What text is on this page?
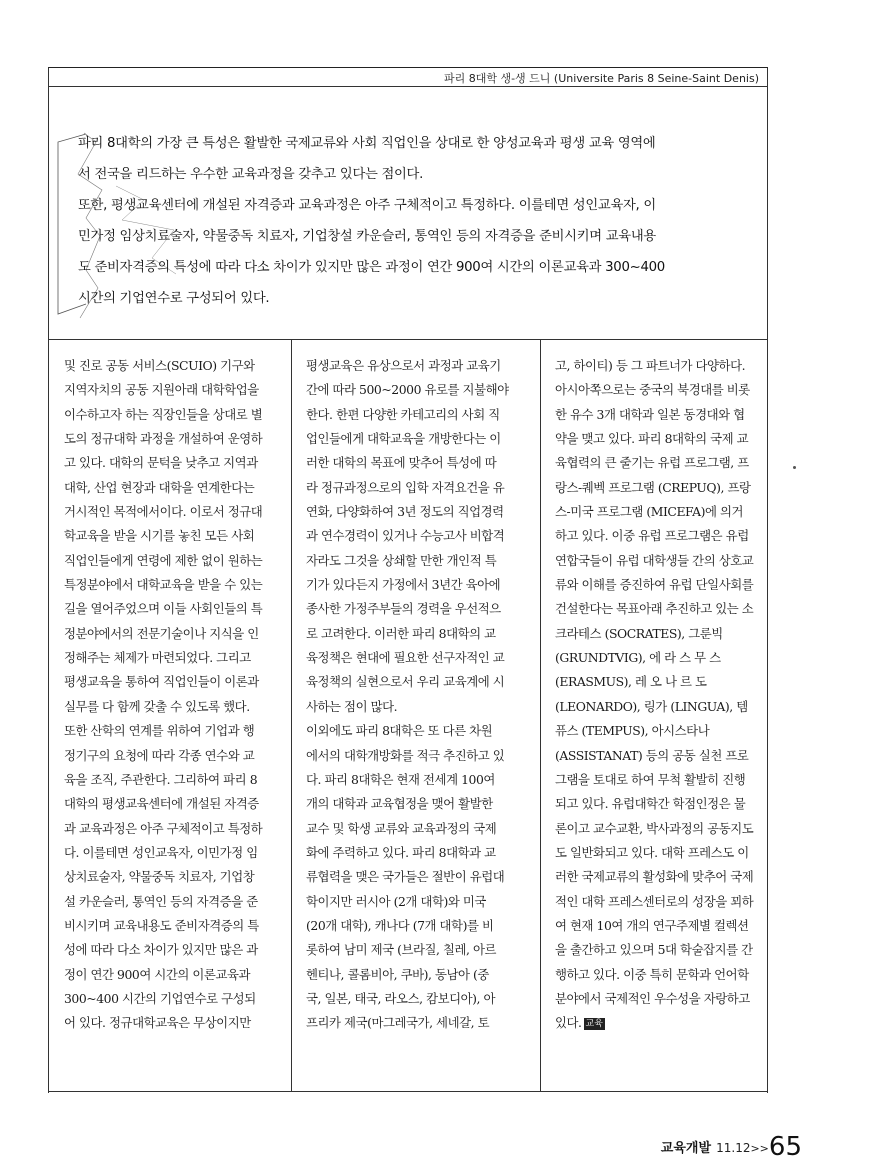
파리 8대학 생-생 드니 (Universite Paris 8 Seine-Saint Denis)
파리 8대학의 가장 큰 특성은 활발한 국제교류와 사회 직업인을 상대로 한 양성교육과 평생 교육 영역에
서 전국을 리드하는 우수한 교육과정을 갖추고 있다는 점이다.
또한, 평생교육센터에 개설된 자격증과 교육과정은 아주 구체적이고 특정하다. 이를테면 성인교육자, 이
민가정 임상치료술자, 약물중독 치료자, 기업창설 카운슬러, 통역인 등의 자격증을 준비시키며 교육내용
도 준비자격증의 특성에 따라 다소 차이가 있지만 많은 과정이 연간 900여 시간의 이론교육과 300~400
시간의 기업연수로 구성되어 있다.
및 진로 공동 서비스(SCUIO) 기구와
지역자치의 공동 지원아래 대학학업을
이수하고자 하는 직장인들을 상대로 별
도의 정규대학 과정을 개설하여 운영하
고 있다. 대학의 문턱을 낮추고 지역과
대학, 산업 현장과 대학을 연계한다는
거시적인 목적에서이다. 이로서 정규대
학교육을 받을 시기를 놓친 모든 사회
직업인들에게 연령에 제한 없이 원하는
특정분야에서 대학교육을 받을 수 있는
길을 열어주었으며 이들 사회인들의 특
정분야에서의 전문기술이나 지식을 인
정해주는 체제가 마련되었다. 그리고
평생교육을 통하여 직업인들이 이론과
실무를 다 함께 갖출 수 있도록 했다.
또한 산학의 연계를 위하여 기업과 행
정기구의 요청에 따라 각종 연수와 교
육을 조직, 주관한다. 그리하여 파리 8
대학의 평생교육센터에 개설된 자격증
과 교육과정은 아주 구체적이고 특정하
다. 이를테면 성인교육자, 이민가정 임
상치료술자, 약물중독 치료자, 기업창
설 카운슬러, 통역인 등의 자격증을 준
비시키며 교육내용도 준비자격증의 특
성에 따라 다소 차이가 있지만 많은 과
정이 연간 900여 시간의 이론교육과
300~400 시간의 기업연수로 구성되
어 있다. 정규대학교육은 무상이지만
평생교육은 유상으로서 과정과 교육기
간에 따라 500~2000 유로를 지불해야
한다. 한편 다양한 카테고리의 사회 직
업인들에게 대학교육을 개방한다는 이
러한 대학의 목표에 맞추어 특성에 따
라 정규과정으로의 입학 자격요건을 유
연화, 다양화하여 3년 정도의 직업경력
과 연수경력이 있거나 수능고사 비합격
자라도 그것을 상쇄할 만한 개인적 특
기가 있다든지 가정에서 3년간 육아에
종사한 가정주부들의 경력을 우선적으
로 고려한다. 이러한 파리 8대학의 교
육정책은 현대에 필요한 선구자적인 교
육정책의 실현으로서 우리 교육계에 시
사하는 점이 많다.
이외에도 파리 8대학은 또 다른 차원
에서의 대학개방화를 적극 추진하고 있
다. 파리 8대학은 현재 전세계 100여
개의 대학과 교육협정을 맺어 활발한
교수 및 학생 교류와 교육과정의 국제
화에 주력하고 있다. 파리 8대학과 교
류협력을 맺은 국가들은 절반이 유럽대
학이지만 러시아 (2개 대학)와 미국
(20개 대학), 캐나다 (7개 대학)를 비
롯하여 남미 제국 (브라질, 칠레, 아르
헨티나, 콜롬비아, 쿠바), 동남아 (중
국, 일본, 태국, 라오스, 캄보디아), 아
프리카 제국(마그레국가, 세네갈, 토
고, 하이티) 등 그 파트너가 다양하다.
아시아쪽으로는 중국의 북경대를 비롯
한 유수 3개 대학과 일본 동경대와 협
약을 맺고 있다. 파리 8대학의 국제 교
육협력의 큰 줄기는 유럽 프로그램, 프
랑스-퀘벡 프로그램 (CREPUQ), 프랑
스-미국 프로그램 (MICEFA)에 의거
하고 있다. 이중 유럽 프로그램은 유럽
연합국들이 유럽 대학생들 간의 상호교
류와 이해를 증진하여 유럽 단일사회를
건설한다는 목표아래 추진하고 있는 소
크라테스 (SOCRATES), 그룬빅
(GRUNDTVIG), 에 라 스 무 스
(ERASMUS), 레 오 나 르 도
(LEONARDO), 링가 (LINGUA), 템
퓨스 (TEMPUS), 아시스타나
(ASSISTANAT) 등의 공동 실천 프로
그램을 토대로 하여 무척 활발히 진행
되고 있다. 유럽대학간 학점인정은 물
론이고 교수교환, 박사과정의 공동지도
도 일반화되고 있다. 대학 프레스도 이
러한 국제교류의 활성화에 맞추어 국제
적인 대학 프레스센터로의 성장을 꾀하
여 현재 10여 개의 연구주제별 컬렉션
을 출간하고 있으며 5대 학술잡지를 간
행하고 있다. 이중 특히 문학과 언어학
분야에서 국제적인 우수성을 자랑하고
있다. 교육
교육개발 11.12>>65
